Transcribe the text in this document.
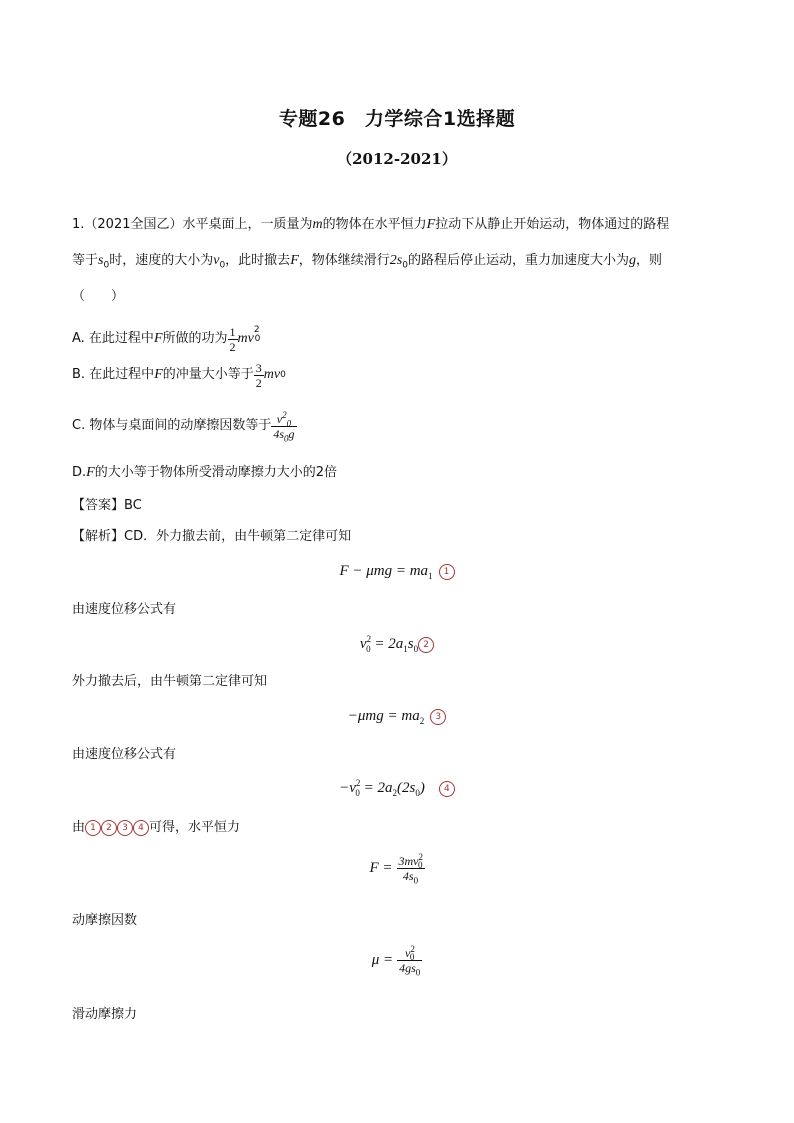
专题26　力学综合1选择题
（2012-2021）
1.（2021全国乙）水平桌面上，一质量为m的物体在水平恒力F拉动下从静止开始运动，物体通过的路程
等于$s_0$时，速度的大小为$v_0$，此时撤去F，物体继续滑行$2s_0$的路程后停止运动，重力加速度大小为g，则
（　　）
A. 在此过程中 F 所做的功为 $\frac{1}{2}$ mv
20
B. 在此过程中 F 的冲量大小等于 $\frac{3}{2}$ mv 0
C. 物体与桌面间的动摩擦因数等于 $\frac{v^2_0}{4s_0g}$
D.F的大小等于物体所受滑动摩擦力大小的2倍
【答案】BC
【解析】CD．外力撤去前，由牛顿第二定律可知
$F - \mu mg = ma_1$ 1
由速度位移公式有
$v^2_0 = 2a_1s_0$ 2
外力撤去后，由牛顿第二定律可知
$-\mu mg = ma_2$ 3
由速度位移公式有
$-v^2_0 = 2a_2(2s_0)$ 4
由 1	2	3	4 可得，水平恒力
$F = \frac{3mv^2_0}{4s_0}$
动摩擦因数
$\mu = \frac{v^2_0}{4gs_0}$
滑动摩擦力
